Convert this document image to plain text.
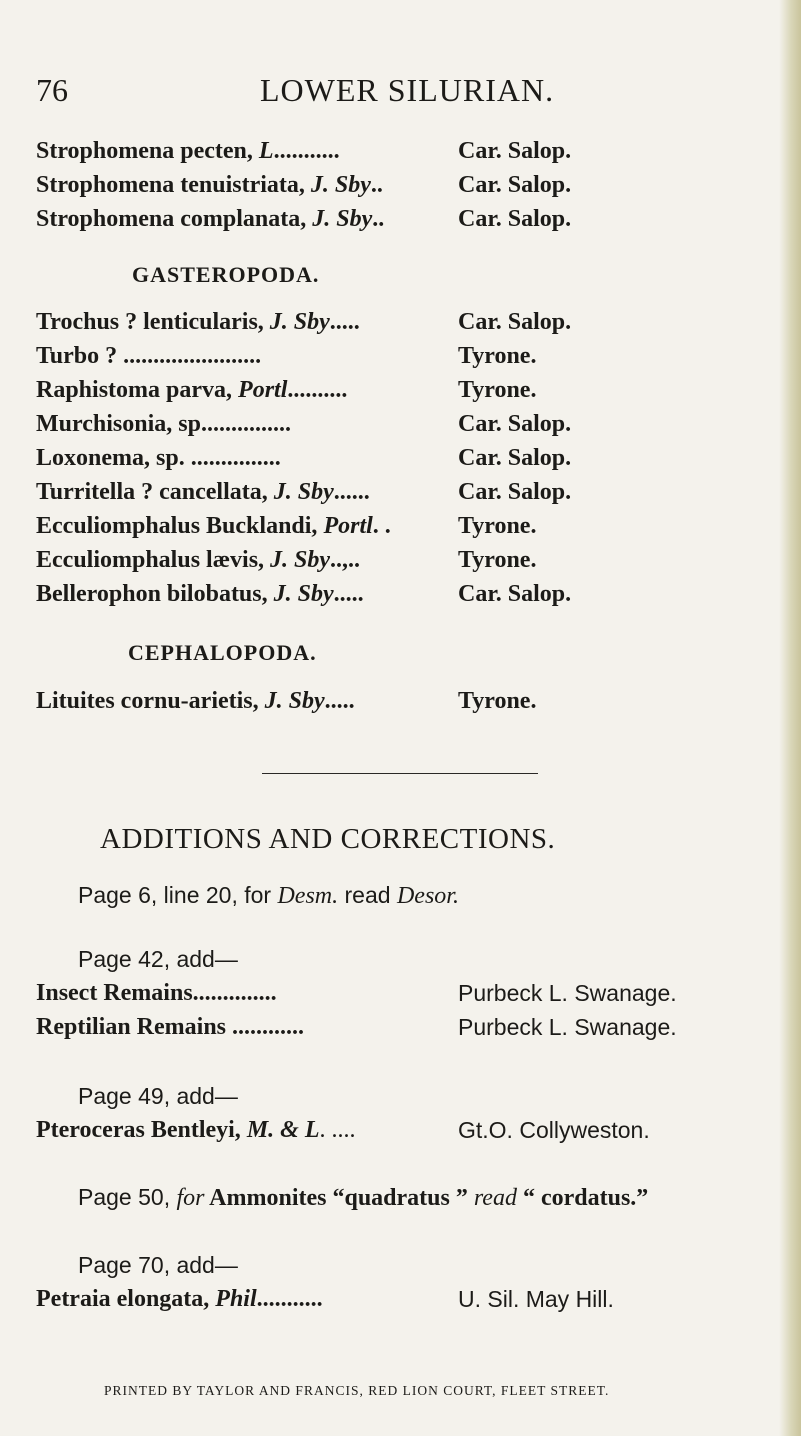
76	LOWER SILURIAN.
Strophomena pecten, L...........	Car. Salop.
Strophomena tenuistriata, J. Sby..	Car. Salop.
Strophomena complanata, J. Sby..	Car. Salop.
GASTEROPODA.
Trochus ? lenticularis, J. Sby.....	Car. Salop.
Turbo ? .......................	Tyrone.
Raphistoma parva, Portl..........	Tyrone.
Murchisonia, sp...............	Car. Salop.
Loxonema, sp. ...............	Car. Salop.
Turritella ? cancellata, J. Sby......	Car. Salop.
Ecculiomphalus Bucklandi, Portl. .	Tyrone.
Ecculiomphalus lævis, J. Sby..,..	Tyrone.
Bellerophon bilobatus, J. Sby.....	Car. Salop.
CEPHALOPODA.
Lituites cornu-arietis, J. Sby.....	Tyrone.
ADDITIONS AND CORRECTIONS.
Page 6, line 20, for Desm. read Desor.
Page 42, add—
Insect Remains..............	Purbeck L. Swanage.
Reptilian Remains ............	Purbeck L. Swanage.
Page 49, add—
Pteroceras Bentleyi, M. & L. ....	Gt.O. Collyweston.
Page 50, for Ammonites “quadratus ” read “ cordatus.”
Page 70, add—
Petraia elongata, Phil...........	U. Sil. May Hill.
PRINTED BY TAYLOR AND FRANCIS, RED LION COURT, FLEET STREET.
